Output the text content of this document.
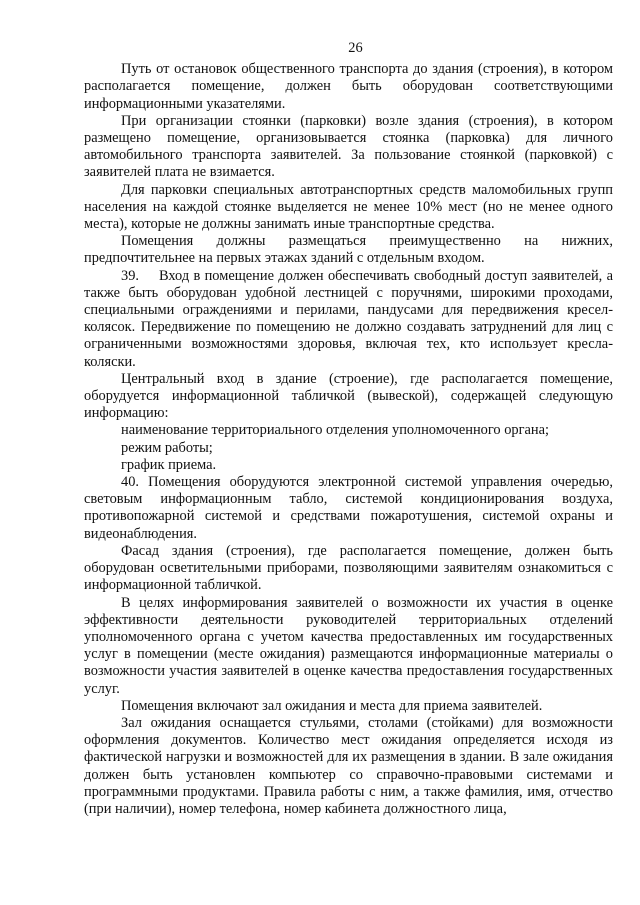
26

Путь от остановок общественного транспорта до здания (строения), в котором располагается помещение, должен быть оборудован соответствующими информационными указателями.

При организации стоянки (парковки) возле здания (строения), в котором размещено помещение, организовывается стоянка (парковка) для личного автомобильного транспорта заявителей. За пользование стоянкой (парковкой) с заявителей плата не взимается.

Для парковки специальных автотранспортных средств маломобильных групп населения на каждой стоянке выделяется не менее 10% мест (но не менее одного места), которые не должны занимать иные транспортные средства.

Помещения должны размещаться преимущественно на нижних, предпочтительнее на первых этажах зданий с отдельным входом.

39. Вход в помещение должен обеспечивать свободный доступ заявителей, а также быть оборудован удобной лестницей с поручнями, широкими проходами, специальными ограждениями и перилами, пандусами для передвижения кресел-колясок. Передвижение по помещению не должно создавать затруднений для лиц с ограниченными возможностями здоровья, включая тех, кто использует кресла-коляски.

Центральный вход в здание (строение), где располагается помещение, оборудуется информационной табличкой (вывеской), содержащей следующую информацию:

наименование территориального отделения уполномоченного органа;

режим работы;

график приема.

40. Помещения оборудуются электронной системой управления очередью, световым информационным табло, системой кондиционирования воздуха, противопожарной системой и средствами пожаротушения, системой охраны и видеонаблюдения.

Фасад здания (строения), где располагается помещение, должен быть оборудован осветительными приборами, позволяющими заявителям ознакомиться с информационной табличкой.

В целях информирования заявителей о возможности их участия в оценке эффективности деятельности руководителей территориальных отделений уполномоченного органа с учетом качества предоставленных им государственных услуг в помещении (месте ожидания) размещаются информационные материалы о возможности участия заявителей в оценке качества предоставления государственных услуг.

Помещения включают зал ожидания и места для приема заявителей.

Зал ожидания оснащается стульями, столами (стойками) для возможности оформления документов. Количество мест ожидания определяется исходя из фактической нагрузки и возможностей для их размещения в здании. В зале ожидания должен быть установлен компьютер со справочно-правовыми системами и программными продуктами. Правила работы с ним, а также фамилия, имя, отчество (при наличии), номер телефона, номер кабинета должностного лица,
